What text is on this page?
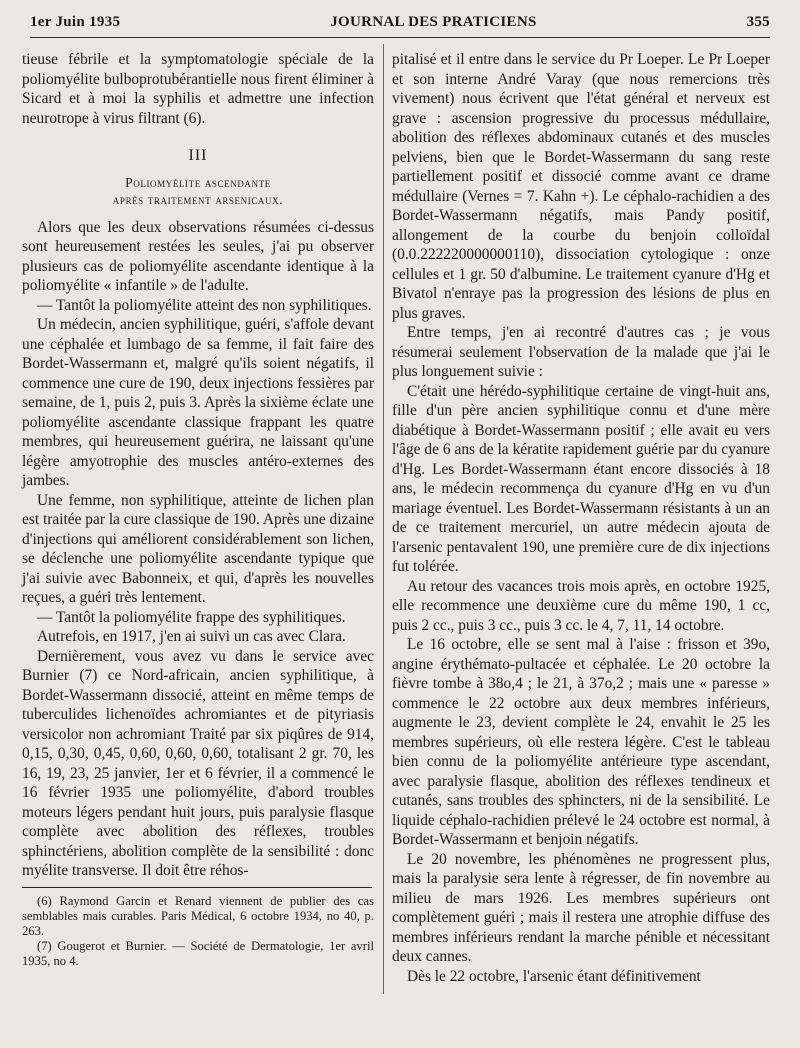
1er Juin 1935	JOURNAL DES PRATICIENS	355

tieuse fébrile et la symptomatologie spéciale de la poliomyélite bulboprotubérantielle nous firent éliminer à Sicard et à moi la syphilis et admettre une infection neurotrope à virus filtrant (6).

III
Poliomyélite ascendante
après traitement arsenicaux.

Alors que les deux observations résumées ci-dessus sont heureusement restées les seules, j'ai pu observer plusieurs cas de poliomyélite ascendante identique à la poliomyélite « infantile » de l'adulte.

— Tantôt la poliomyélite atteint des non syphilitiques.

Un médecin, ancien syphilitique, guéri, s'affole devant une céphalée et lumbago de sa femme, il fait faire des Bordet-Wassermann et, malgré qu'ils soient négatifs, il commence une cure de 190, deux injections fessières par semaine, de 1, puis 2, puis 3. Après la sixième éclate une poliomyélite ascendante classique frappant les quatre membres, qui heureusement guérira, ne laissant qu'une légère amyotrophie des muscles antéro-externes des jambes.

Une femme, non syphilitique, atteinte de lichen plan est traitée par la cure classique de 190. Après une dizaine d'injections qui améliorent considérablement son lichen, se déclenche une poliomyélite ascendante typique que j'ai suivie avec Babonneix, et qui, d'après les nouvelles reçues, a guéri très lentement.

— Tantôt la poliomyélite frappe des syphilitiques.

Autrefois, en 1917, j'en ai suivi un cas avec Clara.

Dernièrement, vous avez vu dans le service avec Burnier (7) ce Nord-africain, ancien syphilitique, à Bordet-Wassermann dissocié, atteint en même temps de tuberculides lichenoïdes achromiantes et de pityriasis versicolor non achromiant Traité par six piqûres de 914, 0,15, 0,30, 0,45, 0,60, 0,60, 0,60, totalisant 2 gr. 70, les 16, 19, 23, 25 janvier, 1er et 6 février, il a commencé le 16 février 1935 une poliomyélite, d'abord troubles moteurs légers pendant huit jours, puis paralysie flasque complète avec abolition des réflexes, troubles sphinctériens, abolition complète de la sensibilité : donc myélite transverse. Il doit être réhos-

(6) Raymond Garcin et Renard viennent de publier des cas semblables mais curables. Paris Médical, 6 octobre 1934, no 40, p. 263.

(7) Gougerot et Burnier. — Société de Dermatologie, 1er avril 1935, no 4.

pitalisé et il entre dans le service du Pr Loeper. Le Pr Loeper et son interne André Varay (que nous remercions très vivement) nous écrivent que l'état général et nerveux est grave : ascension progressive du processus médullaire, abolition des réflexes abdominaux cutanés et des muscles pelviens, bien que le Bordet-Wassermann du sang reste partiellement positif et dissocié comme avant ce drame médullaire (Vernes = 7. Kahn +). Le céphalo-rachidien a des Bordet-Wassermann négatifs, mais Pandy positif, allongement de la courbe du benjoin colloïdal (0.0.222220000000110), dissociation cytologique : onze cellules et 1 gr. 50 d'albumine. Le traitement cyanure d'Hg et Bivatol n'enraye pas la progression des lésions de plus en plus graves.

Entre temps, j'en ai recontré d'autres cas ; je vous résumerai seulement l'observation de la malade que j'ai le plus longuement suivie :

C'était une hérédo-syphilitique certaine de vingt-huit ans, fille d'un père ancien syphilitique connu et d'une mère diabétique à Bordet-Wassermann positif ; elle avait eu vers l'âge de 6 ans de la kératite rapidement guérie par du cyanure d'Hg. Les Bordet-Wassermann étant encore dissociés à 18 ans, le médecin recommença du cyanure d'Hg en vu d'un mariage éventuel. Les Bordet-Wassermann résistants à un an de ce traitement mercuriel, un autre médecin ajouta de l'arsenic pentavalent 190, une première cure de dix injections fut tolérée.

Au retour des vacances trois mois après, en octobre 1925, elle recommence une deuxième cure du même 190, 1 cc, puis 2 cc., puis 3 cc., puis 3 cc. le 4, 7, 11, 14 octobre.

Le 16 octobre, elle se sent mal à l'aise : frisson et 39o, angine érythémato-pultacée et céphalée. Le 20 octobre la fièvre tombe à 38o,4 ; le 21, à 37o,2 ; mais une « paresse » commence le 22 octobre aux deux membres inférieurs, augmente le 23, devient complète le 24, envahit le 25 les membres supérieurs, où elle restera légère. C'est le tableau bien connu de la poliomyélite antérieure type ascendant, avec paralysie flasque, abolition des réflexes tendineux et cutanés, sans troubles des sphincters, ni de la sensibilité. Le liquide céphalo-rachidien prélevé le 24 octobre est normal, à Bordet-Wassermann et benjoin négatifs.

Le 20 novembre, les phénomènes ne progressent plus, mais la paralysie sera lente à régresser, de fin novembre au milieu de mars 1926. Les membres supérieurs ont complètement guéri ; mais il restera une atrophie diffuse des membres inférieurs rendant la marche pénible et nécessitant deux cannes.

Dès le 22 octobre, l'arsenic étant définitivement
